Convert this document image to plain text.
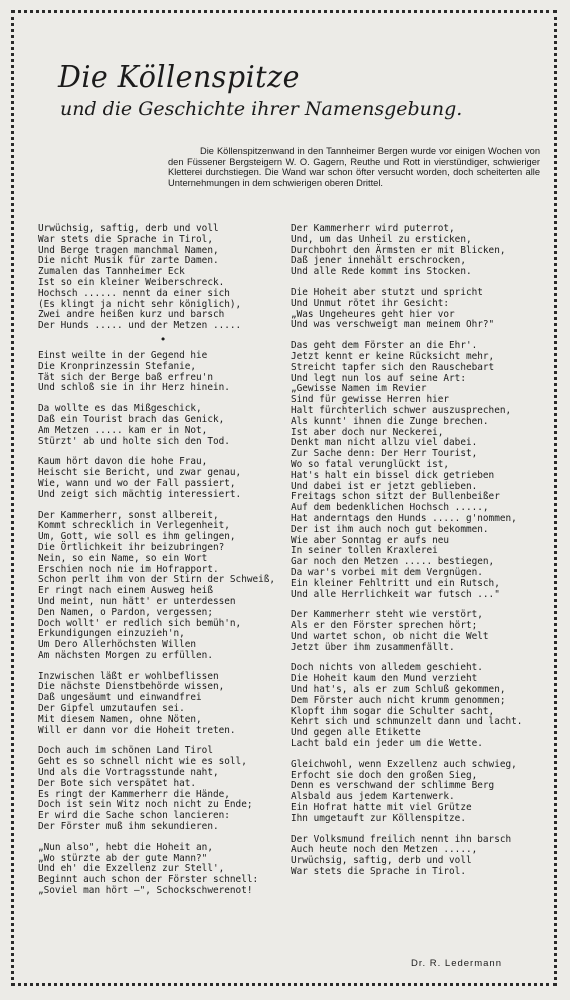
Die Köllenspitze
und die Geschichte ihrer Namensgebung.

Die Köllenspitzenwand in den Tannheimer Bergen wurde vor einigen Wochen von den Füssener Bergsteigern W. O. Gagern, Reuthe und Rott in vierstündiger, schwieriger Kletterei durchstiegen. Die Wand war schon öfter versucht worden, doch scheiterten alle Unternehmungen in dem schwierigen oberen Drittel.

Urwüchsig, saftig, derb und voll
War stets die Sprache in Tirol,
Und Berge tragen manchmal Namen,
Die nicht Musik für zarte Damen.
Zumalen das Tannheimer Eck
Ist so ein kleiner Weiberschreck.
Hochsch ...... nennt da einer sich
(Es klingt ja nicht sehr königlich),
Zwei andre heißen kurz und barsch
Der Hunds ..... und der Metzen .....
•
Einst weilte in der Gegend hie
Die Kronprinzessin Stefanie,
Tät sich der Berge baß erfreu'n
Und schloß sie in ihr Herz hinein.
Da wollte es das Mißgeschick,
Daß ein Tourist brach das Genick,
Am Metzen ..... kam er in Not,
Stürzt' ab und holte sich den Tod.
Kaum hört davon die hohe Frau,
Heischt sie Bericht, und zwar genau,
Wie, wann und wo der Fall passiert,
Und zeigt sich mächtig interessiert.
Der Kammerherr, sonst allbereit,
Kommt schrecklich in Verlegenheit,
Um, Gott, wie soll es ihm gelingen,
Die Örtlichkeit ihr beizubringen?
Nein, so ein Name, so ein Wort
Erschien noch nie im Hofrapport.
Schon perlt ihm von der Stirn der Schweiß,
Er ringt nach einem Ausweg heiß
Und meint, nun hätt' er unterdessen
Den Namen, o Pardon, vergessen;
Doch wollt' er redlich sich bemüh'n,
Erkundigungen einzuzieh'n,
Um Dero Allerhöchsten Willen
Am nächsten Morgen zu erfüllen.
Inzwischen läßt er wohlbeflissen
Die nächste Dienstbehörde wissen,
Daß ungesäumt und einwandfrei
Der Gipfel umzutaufen sei.
Mit diesem Namen, ohne Nöten,
Will er dann vor die Hoheit treten.
Doch auch im schönen Land Tirol
Geht es so schnell nicht wie es soll,
Und als die Vortragsstunde naht,
Der Bote sich verspätet hat.
Es ringt der Kammerherr die Hände,
Doch ist sein Witz noch nicht zu Ende;
Er wird die Sache schon lancieren:
Der Förster muß ihm sekundieren.
„Nun also", hebt die Hoheit an,
„Wo stürzte ab der gute Mann?"
Und eh' die Exzellenz zur Stell',
Beginnt auch schon der Förster schnell:
„Soviel man hört —", Schockschwerenot!
Der Kammerherr wird puterrot,
Und, um das Unheil zu ersticken,
Durchbohrt den Ärmsten er mit Blicken,
Daß jener innehält erschrocken,
Und alle Rede kommt ins Stocken.
Die Hoheit aber stutzt und spricht
Und Unmut rötet ihr Gesicht:
„Was Ungeheures geht hier vor
Und was verschweigt man meinem Ohr?"
Das geht dem Förster an die Ehr'.
Jetzt kennt er keine Rücksicht mehr,
Streicht tapfer sich den Rauschebart
Und legt nun los auf seine Art:
„Gewisse Namen im Revier
Sind für gewisse Herren hier
Halt fürchterlich schwer auszusprechen,
Als kunnt' ihnen die Zunge brechen.
Ist aber doch nur Neckerei,
Denkt man nicht allzu viel dabei.
Zur Sache denn: Der Herr Tourist,
Wo so fatal verunglückt ist,
Hat's halt ein bissel dick getrieben
Und dabei ist er jetzt geblieben.
Freitags schon sitzt der Bullenbeißer
Auf dem bedenklichen Hochsch .....,
Hat anderntags den Hunds ..... g'nommen,
Der ist ihm auch noch gut bekommen.
Wie aber Sonntag er aufs neu
In seiner tollen Kraxlerei
Gar noch den Metzen ..... bestiegen,
Da war's vorbei mit dem Vergnügen.
Ein kleiner Fehltritt und ein Rutsch,
Und alle Herrlichkeit war futsch ..."
Der Kammerherr steht wie verstört,
Als er den Förster sprechen hört;
Und wartet schon, ob nicht die Welt
Jetzt über ihm zusammenfällt.
Doch nichts von alledem geschieht.
Die Hoheit kaum den Mund verzieht
Und hat's, als er zum Schluß gekommen,
Dem Förster auch nicht krumm genommen;
Klopft ihm sogar die Schulter sacht,
Kehrt sich und schmunzelt dann und lacht.
Und gegen alle Etikette
Lacht bald ein jeder um die Wette.
Gleichwohl, wenn Exzellenz auch schwieg,
Erfocht sie doch den großen Sieg,
Denn es verschwand der schlimme Berg
Alsbald aus jedem Kartenwerk.
Ein Hofrat hatte mit viel Grütze
Ihn umgetauft zur Köllenspitze.
Der Volksmund freilich nennt ihn barsch
Auch heute noch den Metzen .....,
Urwüchsig, saftig, derb und voll
War stets die Sprache in Tirol.
Dr. R. Ledermann
